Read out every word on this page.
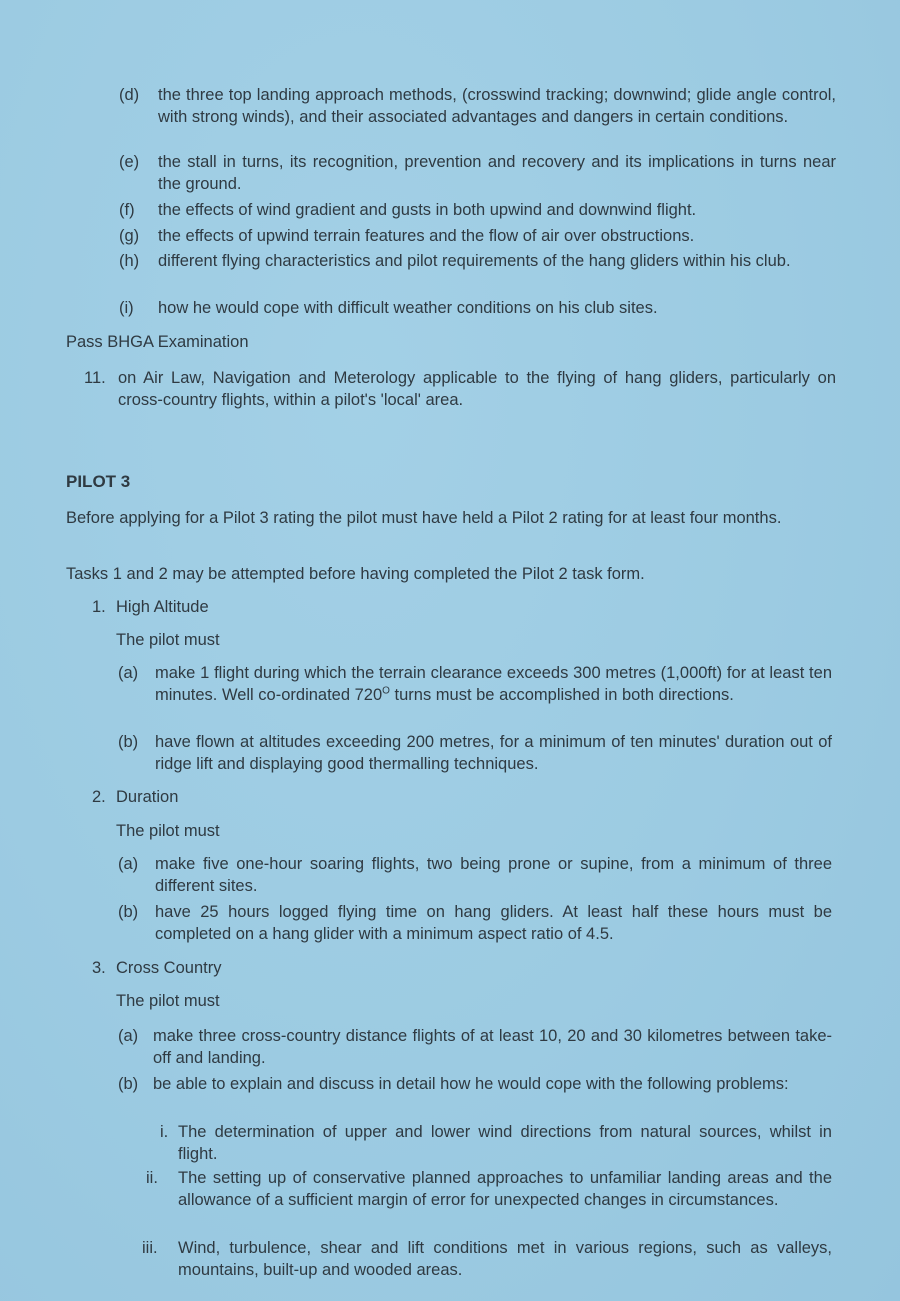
(d) the three top landing approach methods, (crosswind tracking; downwind; glide angle control, with strong winds), and their associated advantages and dangers in certain conditions.
(e) the stall in turns, its recognition, prevention and recovery and its implications in turns near the ground.
(f) the effects of wind gradient and gusts in both upwind and downwind flight.
(g) the effects of upwind terrain features and the flow of air over obstructions.
(h) different flying characteristics and pilot requirements of the hang gliders within his club.
(i) how he would cope with difficult weather conditions on his club sites.
Pass BHGA Examination
11. on Air Law, Navigation and Meterology applicable to the flying of hang gliders, particularly on cross-country flights, within a pilot's 'local' area.
PILOT 3
Before applying for a Pilot 3 rating the pilot must have held a Pilot 2 rating for at least four months.
Tasks 1 and 2 may be attempted before having completed the Pilot 2 task form.
1. High Altitude
The pilot must
(a) make 1 flight during which the terrain clearance exceeds 300 metres (1,000ft) for at least ten minutes. Well co-ordinated $720^O$ turns must be accomplished in both directions.
(b) have flown at altitudes exceeding 200 metres, for a minimum of ten minutes' duration out of ridge lift and displaying good thermalling techniques.
2. Duration
The pilot must
(a) make five one-hour soaring flights, two being prone or supine, from a minimum of three different sites.
(b) have 25 hours logged flying time on hang gliders. At least half these hours must be completed on a hang glider with a minimum aspect ratio of 4.5.
3. Cross Country
The pilot must
(a) make three cross-country distance flights of at least 10, 20 and 30 kilometres between take-off and landing.
(b) be able to explain and discuss in detail how he would cope with the following problems:
i. The determination of upper and lower wind directions from natural sources, whilst in flight.
ii. The setting up of conservative planned approaches to unfamiliar landing areas and the allowance of a sufficient margin of error for unexpected changes in circumstances.
iii. Wind, turbulence, shear and lift conditions met in various regions, such as valleys, mountains, built-up and wooded areas.
